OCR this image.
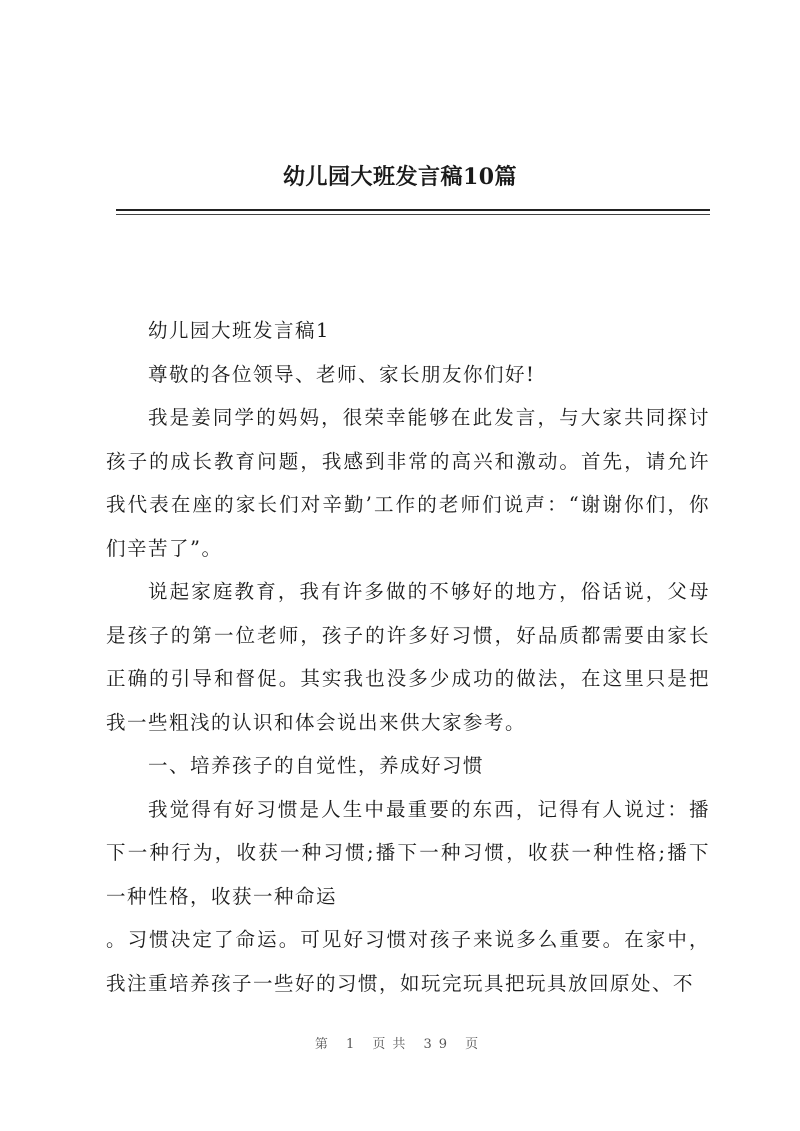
幼儿园大班发言稿10篇

幼儿园大班发言稿1

尊敬的各位领导、老师、家长朋友你们好!

我是姜同学的妈妈，很荣幸能够在此发言，与大家共同探讨孩子的成长教育问题，我感到非常的高兴和激动。首先，请允许我代表在座的家长们对辛勤’工作的老师们说声：“谢谢你们，你们辛苦了”。

说起家庭教育，我有许多做的不够好的地方，俗话说，父母是孩子的第一位老师，孩子的许多好习惯，好品质都需要由家长正确的引导和督促。其实我也没多少成功的做法，在这里只是把我一些粗浅的认识和体会说出来供大家参考。

一、培养孩子的自觉性，养成好习惯

我觉得有好习惯是人生中最重要的东西，记得有人说过：播下一种行为，收获一种习惯;播下一种习惯，收获一种性格;播下一种性格，收获一种命运

。习惯决定了命运。可见好习惯对孩子来说多么重要。在家中，我注重培养孩子一些好的习惯，如玩完玩具把玩具放回原处、不

第 1 页共 39 页
